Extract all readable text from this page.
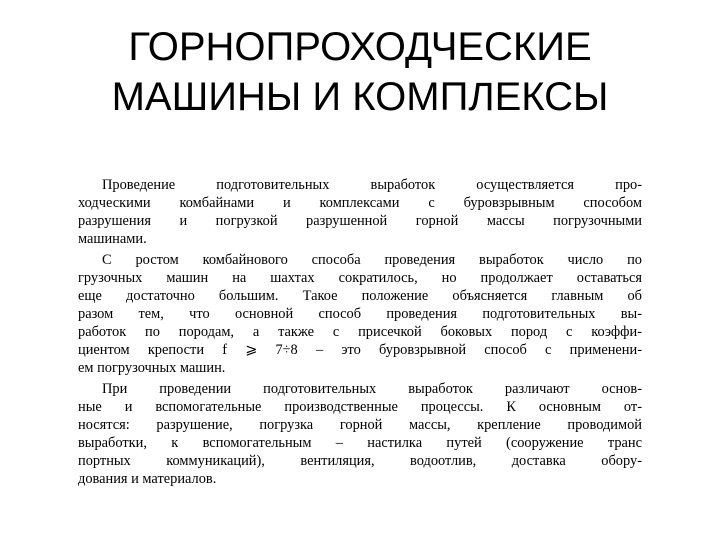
ГОРНОПРОХОДЧЕСКИЕ
МАШИНЫ И КОМПЛЕКСЫ
Проведение подготовительных выработок осуществляется про-
ходческими комбайнами и комплексами с буровзрывным способом
разрушения и погрузкой разрушенной горной массы погрузочными
машинами.
С ростом комбайнового способа проведения выработок число по
грузочных машин на шахтах сократилось, но продолжает оставаться
еще достаточно большим. Такое положение объясняется главным об
разом тем, что основной способ проведения подготовительных вы-
работок по породам, а также с присечкой боковых пород с коэффи-
циентом крепости f ⩾ 7÷8 – это буровзрывной способ с применени-
ем погрузочных машин.
При проведении подготовительных выработок различают основ-
ные и вспомогательные производственные процессы. К основным от-
носятся: разрушение, погрузка горной массы, крепление проводимой
выработки, к вспомогательным – настилка путей (сооружение транс
портных коммуникаций), вентиляция, водоотлив, доставка обору-
дования и материалов.
